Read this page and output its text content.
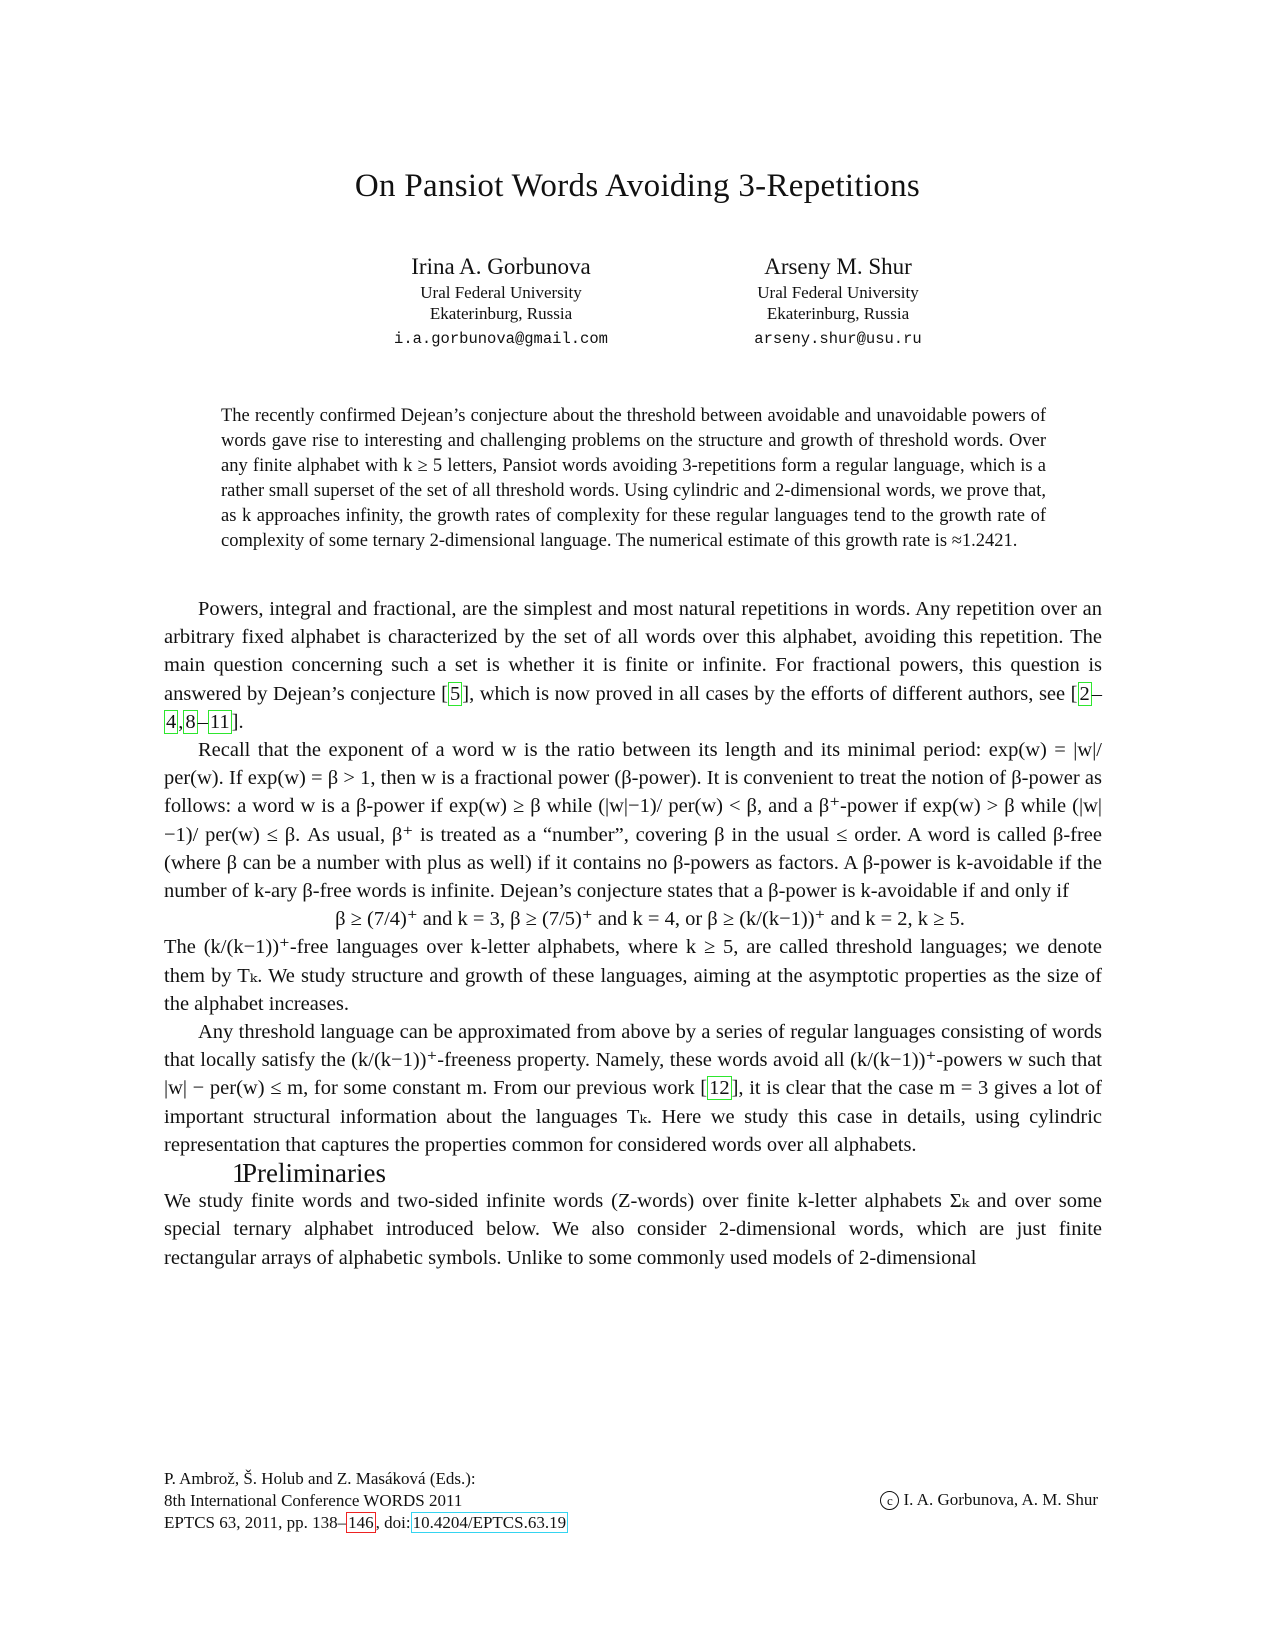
On Pansiot Words Avoiding 3-Repetitions
Irina A. Gorbunova
Ural Federal University
Ekaterinburg, Russia
i.a.gorbunova@gmail.com
Arseny M. Shur
Ural Federal University
Ekaterinburg, Russia
arseny.shur@usu.ru
The recently confirmed Dejean’s conjecture about the threshold between avoidable and unavoidable powers of words gave rise to interesting and challenging problems on the structure and growth of threshold words. Over any finite alphabet with k ≥ 5 letters, Pansiot words avoiding 3-repetitions form a regular language, which is a rather small superset of the set of all threshold words. Using cylindric and 2-dimensional words, we prove that, as k approaches infinity, the growth rates of complexity for these regular languages tend to the growth rate of complexity of some ternary 2-dimensional language. The numerical estimate of this growth rate is ≈1.2421.

Powers, integral and fractional, are the simplest and most natural repetitions in words. Any repetition over an arbitrary fixed alphabet is characterized by the set of all words over this alphabet, avoiding this repetition. The main question concerning such a set is whether it is finite or infinite. For fractional powers, this question is answered by Dejean’s conjecture [5], which is now proved in all cases by the efforts of different authors, see [2–4,8–11].

Recall that the exponent of a word w is the ratio between its length and its minimal period: exp(w) = |w|/ per(w). If exp(w) = β > 1, then w is a fractional power (β-power). It is convenient to treat the notion of β-power as follows: a word w is a β-power if exp(w) ≥ β while (|w|−1)/ per(w) < β, and a β⁺-power if exp(w) > β while (|w|−1)/ per(w) ≤ β. As usual, β⁺ is treated as a “number”, covering β in the usual ≤ order. A word is called β-free (where β can be a number with plus as well) if it contains no β-powers as factors. A β-power is k-avoidable if the number of k-ary β-free words is infinite. Dejean’s conjecture states that a β-power is k-avoidable if and only if

β ≥ (7/4)⁺ and k = 3, β ≥ (7/5)⁺ and k = 4, or β ≥ (k/(k−1))⁺ and k = 2, k ≥ 5.

The (k/(k−1))⁺-free languages over k-letter alphabets, where k ≥ 5, are called threshold languages; we denote them by Tₖ. We study structure and growth of these languages, aiming at the asymptotic properties as the size of the alphabet increases.

Any threshold language can be approximated from above by a series of regular languages consisting of words that locally satisfy the (k/(k−1))⁺-freeness property. Namely, these words avoid all (k/(k−1))⁺-powers w such that |w| − per(w) ≤ m, for some constant m. From our previous work [12], it is clear that the case m = 3 gives a lot of important structural information about the languages Tₖ. Here we study this case in details, using cylindric representation that captures the properties common for considered words over all alphabets.

1Preliminaries

We study finite words and two-sided infinite words (Z-words) over finite k-letter alphabets Σₖ and over some special ternary alphabet introduced below. We also consider 2-dimensional words, which are just finite rectangular arrays of alphabetic symbols. Unlike to some commonly used models of 2-dimensional

P. Ambrož, Š. Holub and Z. Masáková (Eds.):
8th International Conference WORDS 2011
EPTCS 63, 2011, pp. 138– 146 , doi: 10.4204/EPTCS.63.19
c I. A. Gorbunova, A. M. Shur
